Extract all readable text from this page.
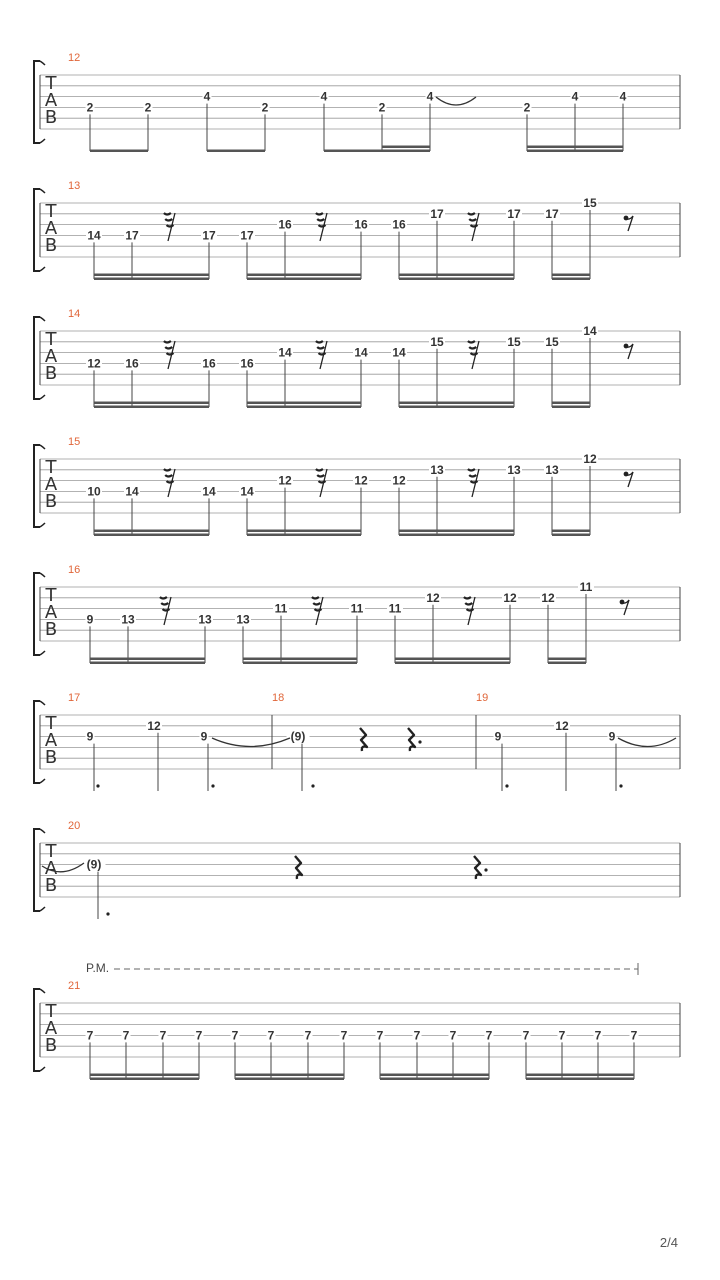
T
A
B
12
2	2
4
2
4
2
4
2
4	4
T
A
B
13
14 17	17 17
16	16 16
17	17 17
15
T
A
B
14
12 16	16 16
14	14 14
15	15 15
14
T
A
B
15
10 14	14 14
12	12 12
13	13 13
12
T
A
B
16
9 13	13 13
11	11 11
12	12 12
11
T
A
B
17	18	19
9
12
9	(9)	9
12
9
T
A
B
20
(9)
T
A
B
21
7 7	7 7 7 7	7 7 7	7 7 7	7 7 7 7
P.M.
2/4
